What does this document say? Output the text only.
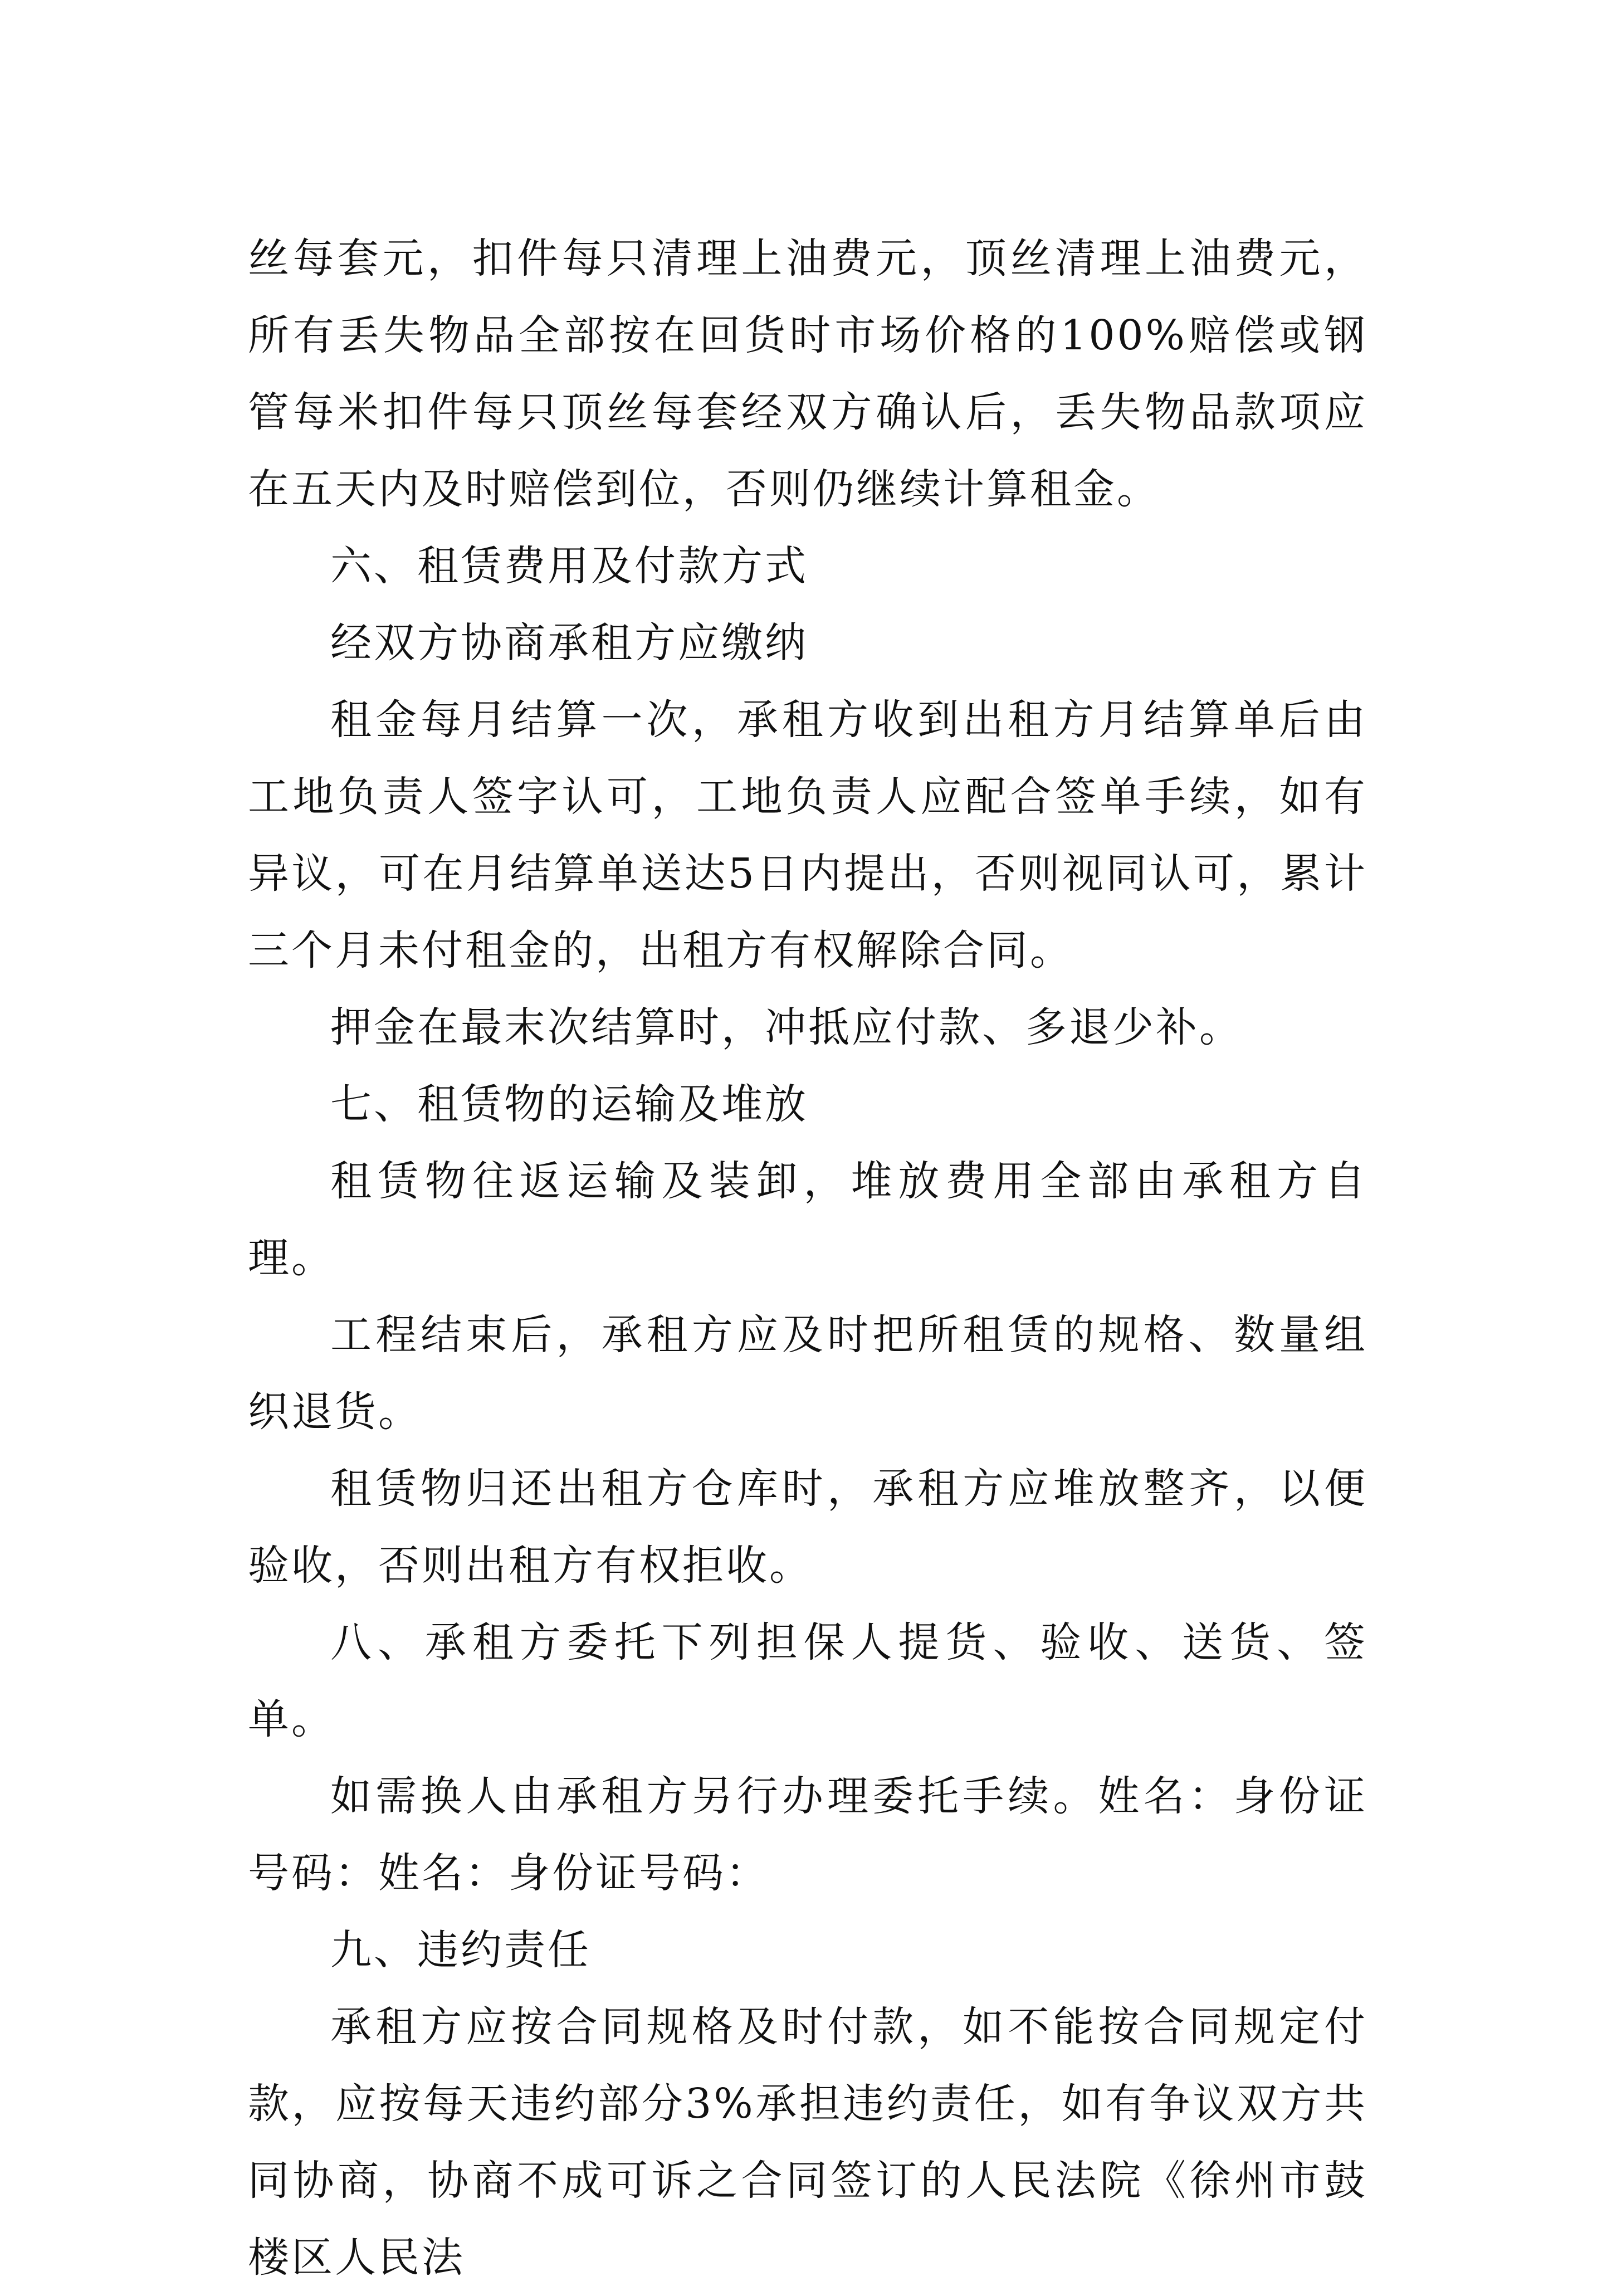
丝每套元，扣件每只清理上油费元，顶丝清理上油费元，所有丢失物品全部按在回货时市场价格的100%赔偿或钢管每米扣件每只顶丝每套经双方确认后，丢失物品款项应在五天内及时赔偿到位，否则仍继续计算租金。

六、租赁费用及付款方式

经双方协商承租方应缴纳

租金每月结算一次，承租方收到出租方月结算单后由工地负责人签字认可，工地负责人应配合签单手续，如有异议，可在月结算单送达5日内提出，否则视同认可，累计三个月未付租金的，出租方有权解除合同。

押金在最末次结算时，冲抵应付款、多退少补。

七、租赁物的运输及堆放

租赁物往返运输及装卸，堆放费用全部由承租方自理。

工程结束后，承租方应及时把所租赁的规格、数量组织退货。

租赁物归还出租方仓库时，承租方应堆放整齐，以便验收，否则出租方有权拒收。

八、承租方委托下列担保人提货、验收、送货、签单。

如需换人由承租方另行办理委托手续。姓名：身份证号码：姓名：身份证号码：

九、违约责任

承租方应按合同规格及时付款，如不能按合同规定付款，应按每天违约部分3%承担违约责任，如有争议双方共同协商，协商不成可诉之合同签订的人民法院《徐州市鼓楼区人民法
